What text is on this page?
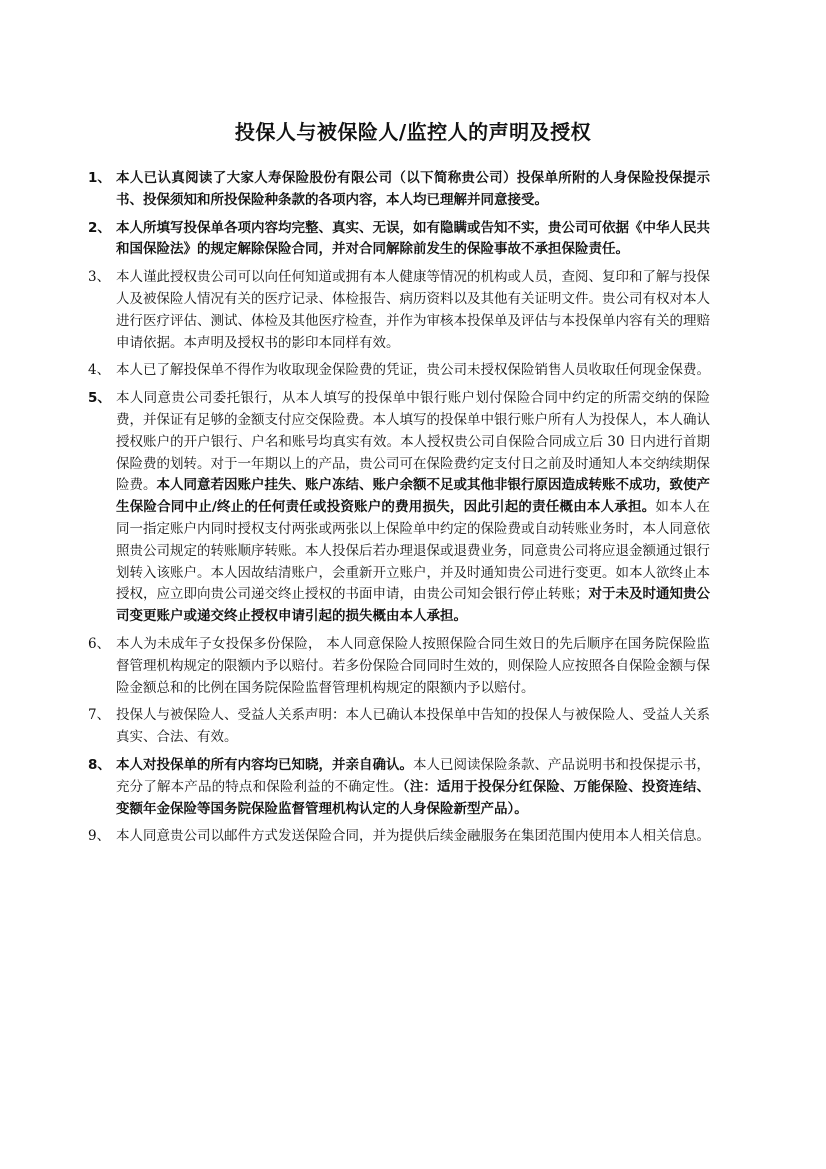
投保人与被保险人/监控人的声明及授权
1、 本人已认真阅读了大家人寿保险股份有限公司（以下简称贵公司）投保单所附的人身保险投保提示书、投保须知和所投保险种条款的各项内容，本人均已理解并同意接受。
2、 本人所填写投保单各项内容均完整、真实、无误，如有隐瞒或告知不实，贵公司可依据《中华人民共和国保险法》的规定解除保险合同，并对合同解除前发生的保险事故不承担保险责任。
3、 本人谨此授权贵公司可以向任何知道或拥有本人健康等情况的机构或人员，查阅、复印和了解与投保人及被保险人情况有关的医疗记录、体检报告、病历资料以及其他有关证明文件。贵公司有权对本人进行医疗评估、测试、体检及其他医疗检查，并作为审核本投保单及评估与本投保单内容有关的理赔申请依据。本声明及授权书的影印本同样有效。
4、 本人已了解投保单不得作为收取现金保险费的凭证，贵公司未授权保险销售人员收取任何现金保费。
5、 本人同意贵公司委托银行，从本人填写的投保单中银行账户划付保险合同中约定的所需交纳的保险费，并保证有足够的金额支付应交保险费。本人填写的投保单中银行账户所有人为投保人，本人确认授权账户的开户银行、户名和账号均真实有效。本人授权贵公司自保险合同成立后 30 日内进行首期保险费的划转。对于一年期以上的产品，贵公司可在保险费约定支付日之前及时通知人本交纳续期保险费。本人同意若因账户挂失、账户冻结、账户余额不足或其他非银行原因造成转账不成功，致使产生保险合同中止/终止的任何责任或投资账户的费用损失，因此引起的责任概由本人承担。如本人在同一指定账户内同时授权支付两张或两张以上保险单中约定的保险费或自动转账业务时，本人同意依照贵公司规定的转账顺序转账。本人投保后若办理退保或退费业务，同意贵公司将应退金额通过银行划转入该账户。本人因故结清账户，会重新开立账户，并及时通知贵公司进行变更。如本人欲终止本授权，应立即向贵公司递交终止授权的书面申请，由贵公司知会银行停止转账；对于未及时通知贵公司变更账户或递交终止授权申请引起的损失概由本人承担。
6、 本人为未成年子女投保多份保险， 本人同意保险人按照保险合同生效日的先后顺序在国务院保险监督管理机构规定的限额内予以赔付。若多份保险合同同时生效的，则保险人应按照各自保险金额与保险金额总和的比例在国务院保险监督管理机构规定的限额内予以赔付。
7、 投保人与被保险人、受益人关系声明：本人已确认本投保单中告知的投保人与被保险人、受益人关系真实、合法、有效。
8、 本人对投保单的所有内容均已知晓，并亲自确认。本人已阅读保险条款、产品说明书和投保提示书，充分了解本产品的特点和保险利益的不确定性。（注：适用于投保分红保险、万能保险、投资连结、变额年金保险等国务院保险监督管理机构认定的人身保险新型产品）。
9、 本人同意贵公司以邮件方式发送保险合同，并为提供后续金融服务在集团范围内使用本人相关信息。
